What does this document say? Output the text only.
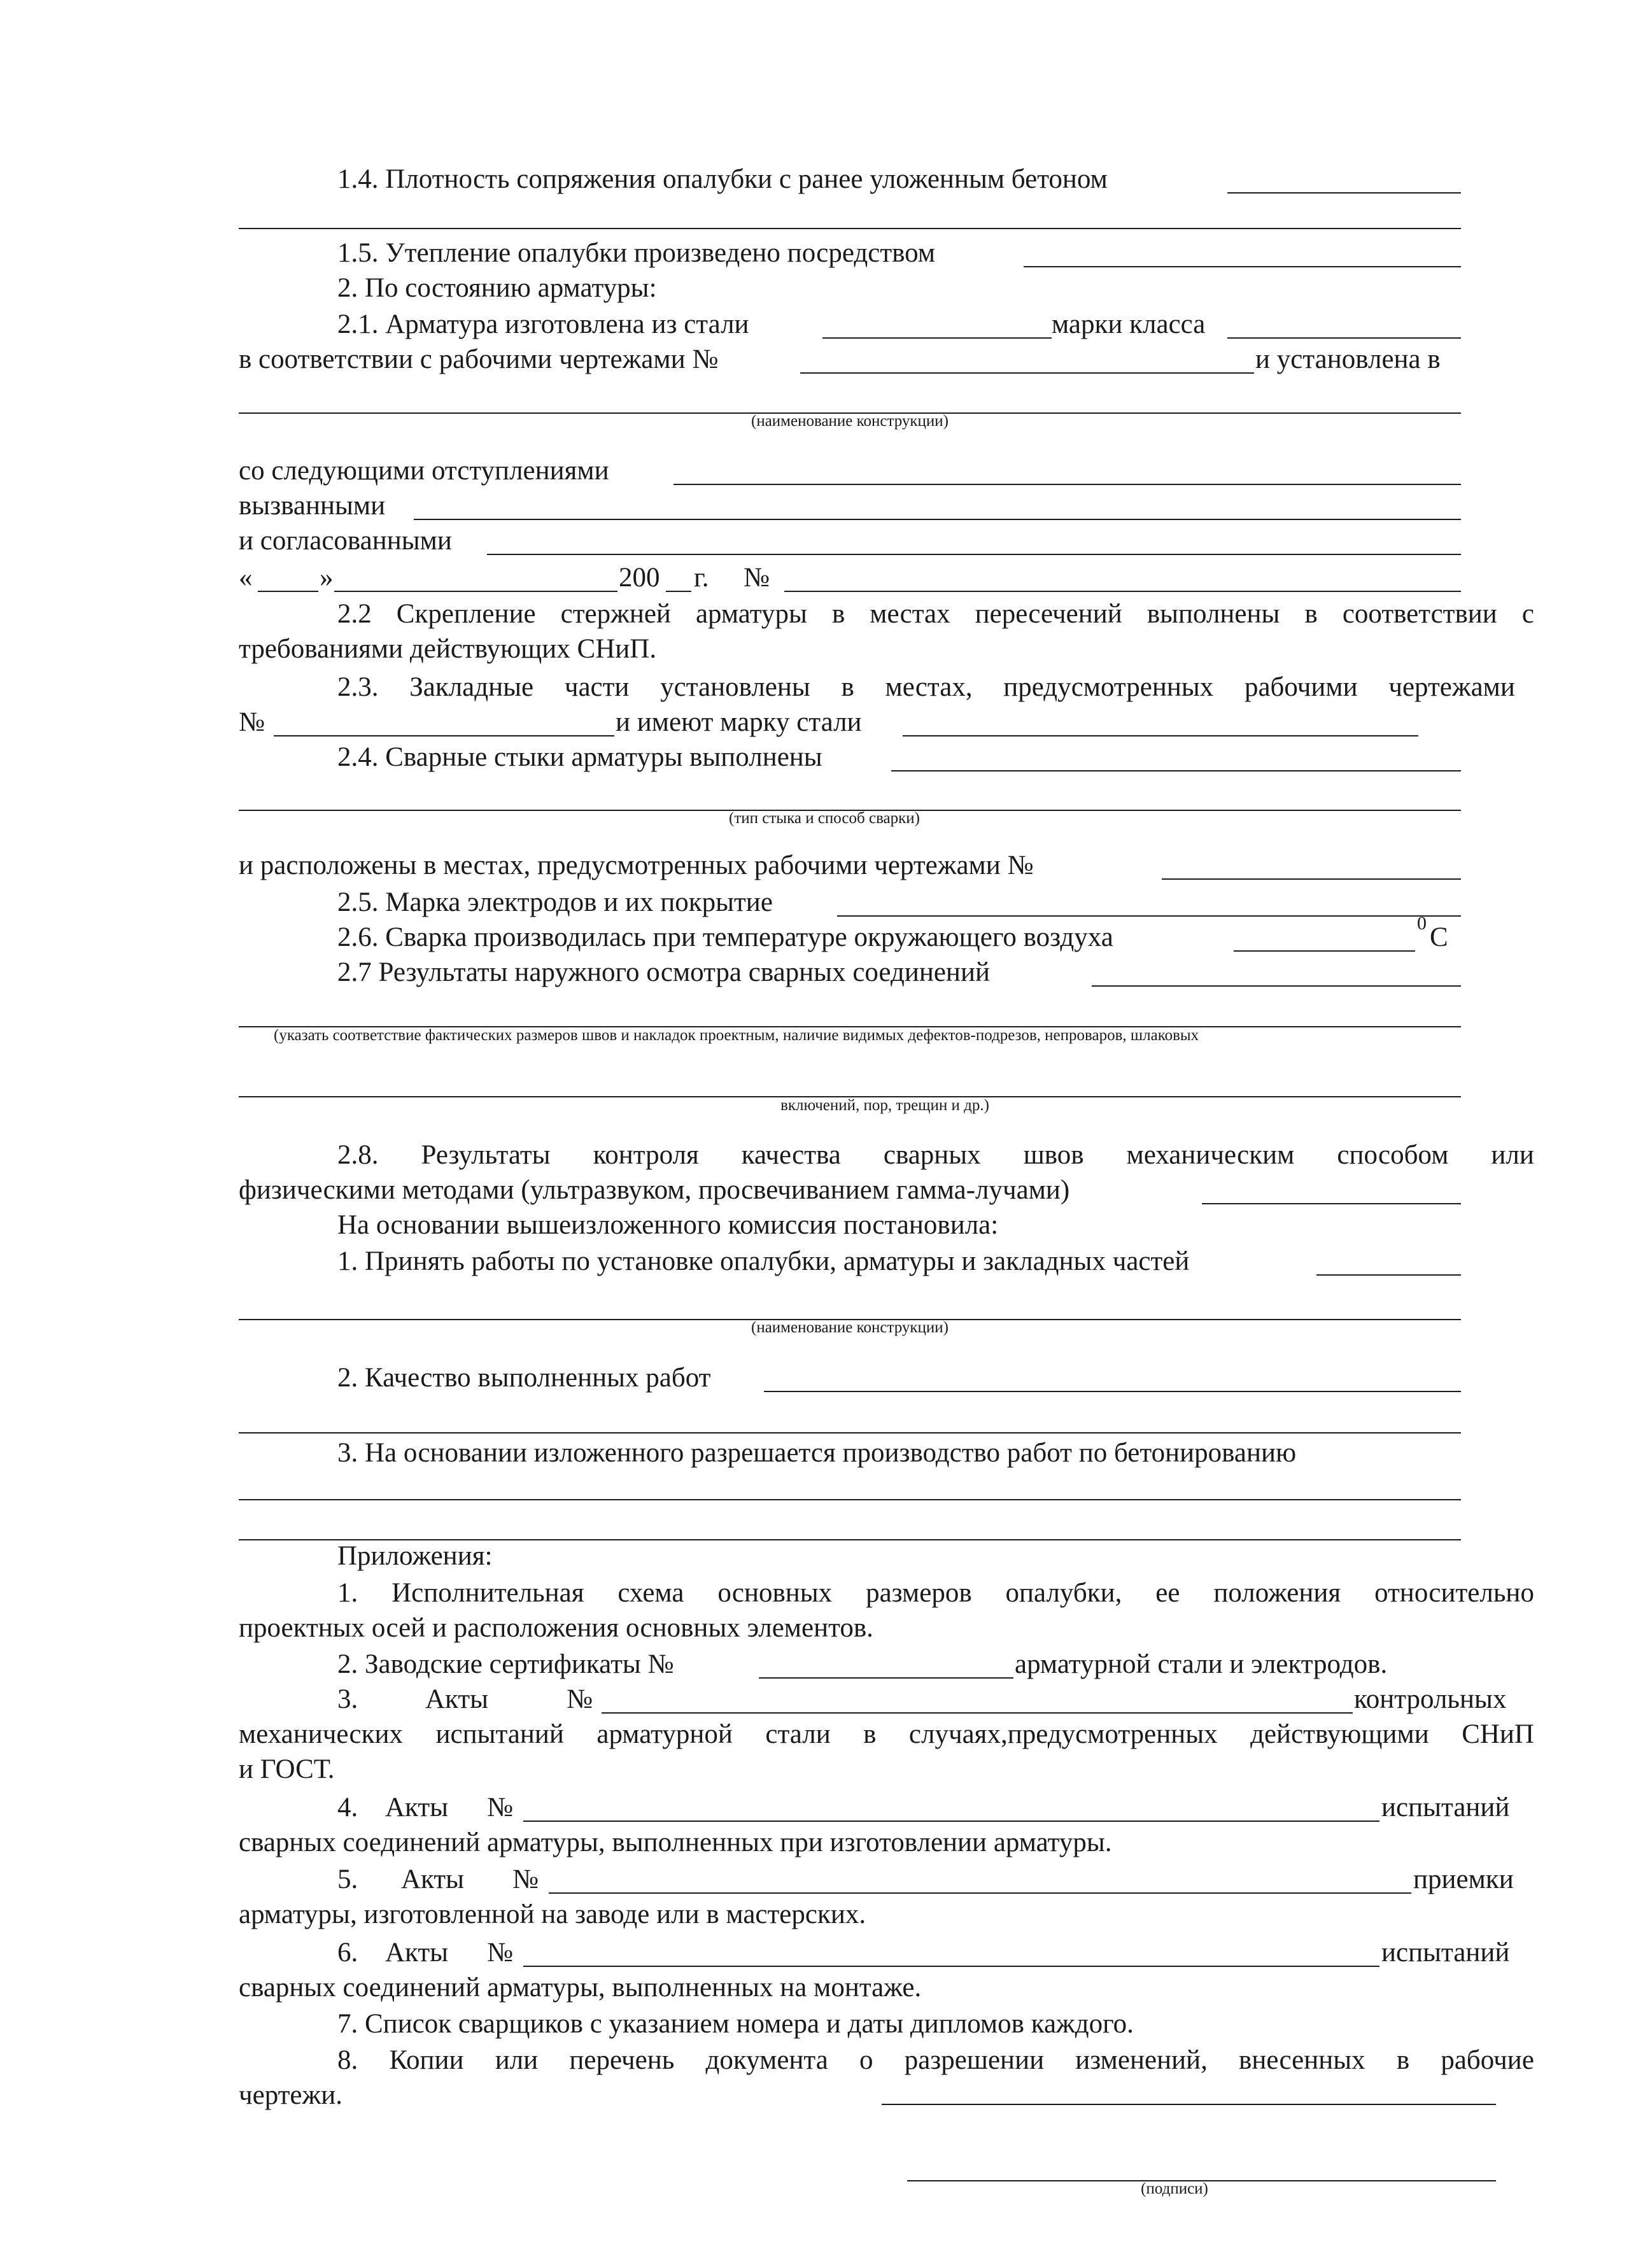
1.4. Плотность сопряжения опалубки с ранее уложенным бетоном
1.5. Утепление опалубки произведено посредством
2. По состоянию арматуры:
2.1. Арматура изготовлена из стали	марки класса
в соответствии с рабочими чертежами №	и установлена в
(наименование конструкции)
со следующими отступлениями
вызванными
и согласованными
« »	200 г. №
2.2 Скрепление стержней арматуры в местах пересечений выполнены в соответствии с
требованиями действующих СНиП.
2.3. Закладные части установлены в местах, предусмотренных рабочими чертежами
№	и имеют марку стали
2.4. Сварные стыки арматуры выполнены
(тип стыка и способ сварки)
и расположены в местах, предусмотренных рабочими чертежами №
2.5. Марка электродов и их покрытие
2.6. Сварка производилась при температуре окружающего воздуха	0 С
2.7 Результаты наружного осмотра сварных соединений
(указать соответствие фактических размеров швов и накладок проектным, наличие видимых дефектов-подрезов, непроваров, шлаковых
включений, пор, трещин и др.)
2.8. Результаты контроля качества сварных швов механическим способом или
физическими методами (ультразвуком, просвечиванием гамма-лучами)
На основании вышеизложенного комиссия постановила:
1. Принять работы по установке опалубки, арматуры и закладных частей
(наименование конструкции)
2. Качество выполненных работ
3. На основании изложенного разрешается производство работ по бетонированию
Приложения:
1. Исполнительная схема основных размеров опалубки, ее положения относительно
проектных осей и расположения основных элементов.
2. Заводские сертификаты №	арматурной стали и электродов.
3. Акты	№	контрольных
механических испытаний арматурной стали в случаях,предусмотренных действующими СНиП
и ГОСТ.
4. Акты №	испытаний
сварных соединений арматуры, выполненных при изготовлении арматуры.
5. Акты №	приемки
арматуры, изготовленной на заводе или в мастерских.
6. Акты №	испытаний
сварных соединений арматуры, выполненных на монтаже.
7. Список сварщиков с указанием номера и даты дипломов каждого.
8. Копии или перечень документа о разрешении изменений, внесенных в рабочие
чертежи.
(подписи)
